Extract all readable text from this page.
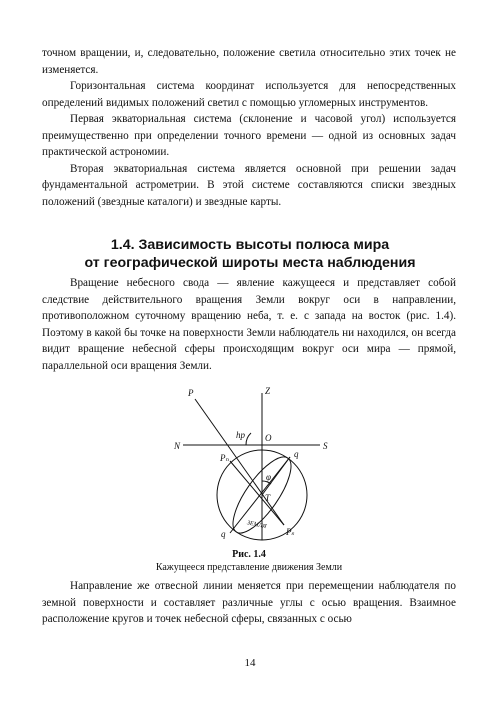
точном вращении, и, следовательно, положение светила относительно этих точек не изменяется.

Горизонтальная система координат используется для непосредственных определений видимых положений светил с помощью угломерных инструментов.

Первая экваториальная система (склонение и часовой угол) используется преимущественно при определении точного времени — одной из основных задач практической астрономии.

Вторая экваториальная система является основной при решении задач фундаментальной астрометрии. В этой системе составляются списки звездных положений (звездные каталоги) и звездные карты.

1.4. Зависимость высоты полюса мира
от географической широты места наблюдения

Вращение небесного свода — явление кажущееся и представляет собой следствие действительного вращения Земли вокруг оси в направлении, противоположном суточному вращению неба, т. е. с запада на восток (рис. 1.4). Поэтому в какой бы точке на поверхности Земли наблюдатель ни находился, он всегда видит вращение небесной сферы происходящим вокруг оси мира — прямой, параллельной оси вращения Земли.

P	Z
N	S
O
hр
Pₙ	q
φ
T
q	Pₛ
ЗЕМЛЯ
Рис. 1.4
Кажущееся представление движения Земли

Направление же отвесной линии меняется при перемещении наблюдателя по земной поверхности и составляет различные углы с осью вращения. Взаимное расположение кругов и точек небесной сферы, связанных с осью

14
